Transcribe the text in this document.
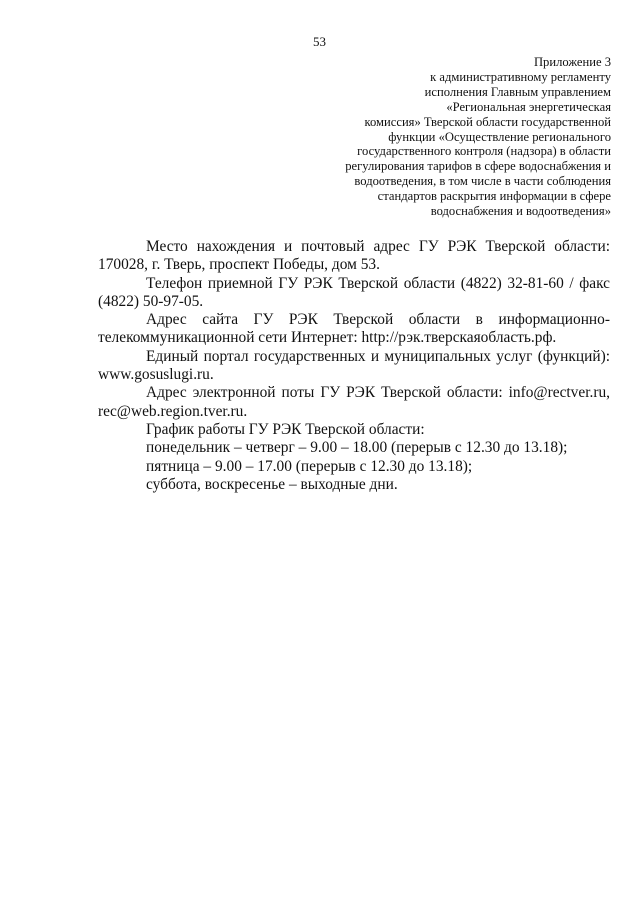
53
Приложение 3
к административному регламенту
исполнения Главным управлением
«Региональная энергетическая
комиссия» Тверской области государственной
функции «Осуществление регионального
государственного контроля (надзора) в области
регулирования тарифов в сфере водоснабжения и
водоотведения, в том числе в части соблюдения
стандартов раскрытия информации в сфере
водоснабжения и водоотведения»

Место нахождения и почтовый адрес ГУ РЭК Тверской области: 170028, г. Тверь, проспект Победы, дом 53.

Телефон приемной ГУ РЭК Тверской области (4822) 32-81-60 / факс (4822) 50-97-05.

Адрес сайта ГУ РЭК Тверской области в информационно-телекоммуникационной сети Интернет: http://рэк.тверскаяобласть.рф.

Единый портал государственных и муниципальных услуг (функций): www.gosuslugi.ru.

Адрес электронной поты ГУ РЭК Тверской области: info@rectver.ru, rec@web.region.tver.ru.

График работы ГУ РЭК Тверской области:

понедельник – четверг – 9.00 – 18.00 (перерыв с 12.30 до 13.18);

пятница – 9.00 – 17.00 (перерыв с 12.30 до 13.18);

суббота, воскресенье – выходные дни.
